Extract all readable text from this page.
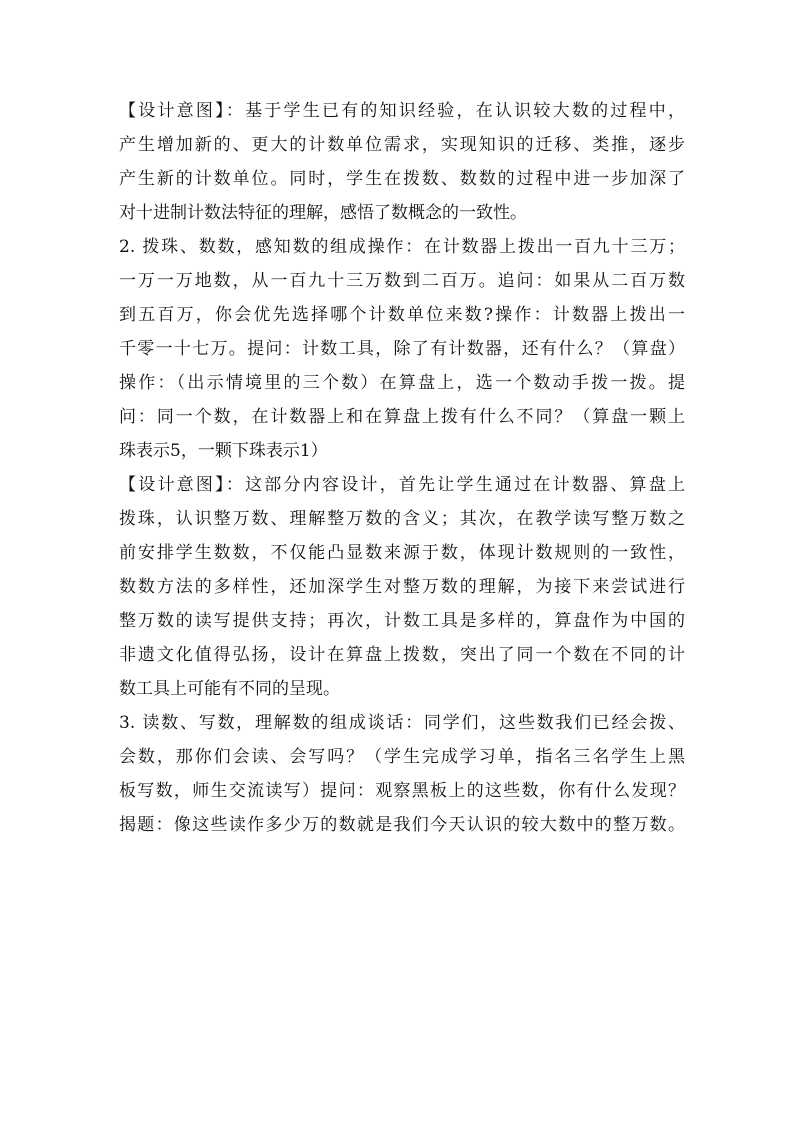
【设计意图】：基于学生已有的知识经验，在认识较大数的过程中，
产生增加新的、更大的计数单位需求，实现知识的迁移、类推，逐步
产生新的计数单位。同时，学生在拨数、数数的过程中进一步加深了
对十进制计数法特征的理解，感悟了数概念的一致性。
2. 拨珠、数数，感知数的组成操作：在计数器上拨出一百九十三万；
一万一万地数，从一百九十三万数到二百万。追问：如果从二百万数
到五百万，你会优先选择哪个计数单位来数?操作：计数器上拨出一
千零一十七万。提问：计数工具，除了有计数器，还有什么？（算盘）
操作：（出示情境里的三个数）在算盘上，选一个数动手拨一拨。提
问：同一个数，在计数器上和在算盘上拨有什么不同？（算盘一颗上
珠表示5，一颗下珠表示1）
【设计意图】：这部分内容设计，首先让学生通过在计数器、算盘上
拨珠，认识整万数、理解整万数的含义；其次，在教学读写整万数之
前安排学生数数，不仅能凸显数来源于数，体现计数规则的一致性，
数数方法的多样性，还加深学生对整万数的理解，为接下来尝试进行
整万数的读写提供支持；再次，计数工具是多样的，算盘作为中国的
非遗文化值得弘扬，设计在算盘上拨数，突出了同一个数在不同的计
数工具上可能有不同的呈现。
3. 读数、写数，理解数的组成谈话：同学们，这些数我们已经会拨、
会数，那你们会读、会写吗？（学生完成学习单，指名三名学生上黑
板写数，师生交流读写）提问：观察黑板上的这些数，你有什么发现？
揭题：像这些读作多少万的数就是我们今天认识的较大数中的整万数。
